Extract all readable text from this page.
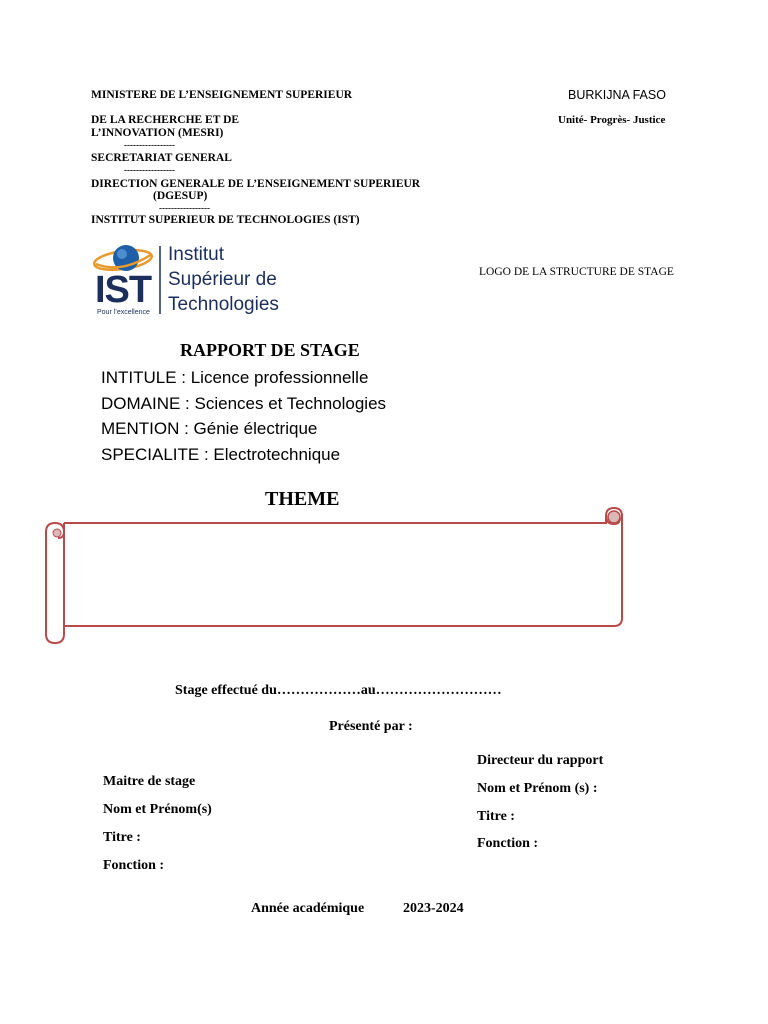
MINISTERE DE L’ENSEIGNEMENT SUPERIEUR
DE LA RECHERCHE ET DE
L’INNOVATION (MESRI)
-----------------
SECRETARIAT GENERAL
-----------------
DIRECTION GENERALE DE L’ENSEIGNEMENT SUPERIEUR
(DGESUP)
-----------------
INSTITUT SUPERIEUR DE TECHNOLOGIES (IST)
BURKIJNA FASO
Unité- Progrès- Justice
IST
Pour l’excellence
Institut
Supérieur de
Technologies
LOGO DE LA STRUCTURE DE STAGE
RAPPORT DE STAGE
INTITULE : Licence professionnelle
DOMAINE : Sciences et Technologies
MENTION : Génie électrique
SPECIALITE : Electrotechnique
THEME
Stage effectué du………………au………………………
Présenté par :
Directeur du rapport
Nom et Prénom (s) :
Titre :
Fonction :
Maitre de stage
Nom et Prénom(s)
Titre :
Fonction :
Année académique	2023-2024
